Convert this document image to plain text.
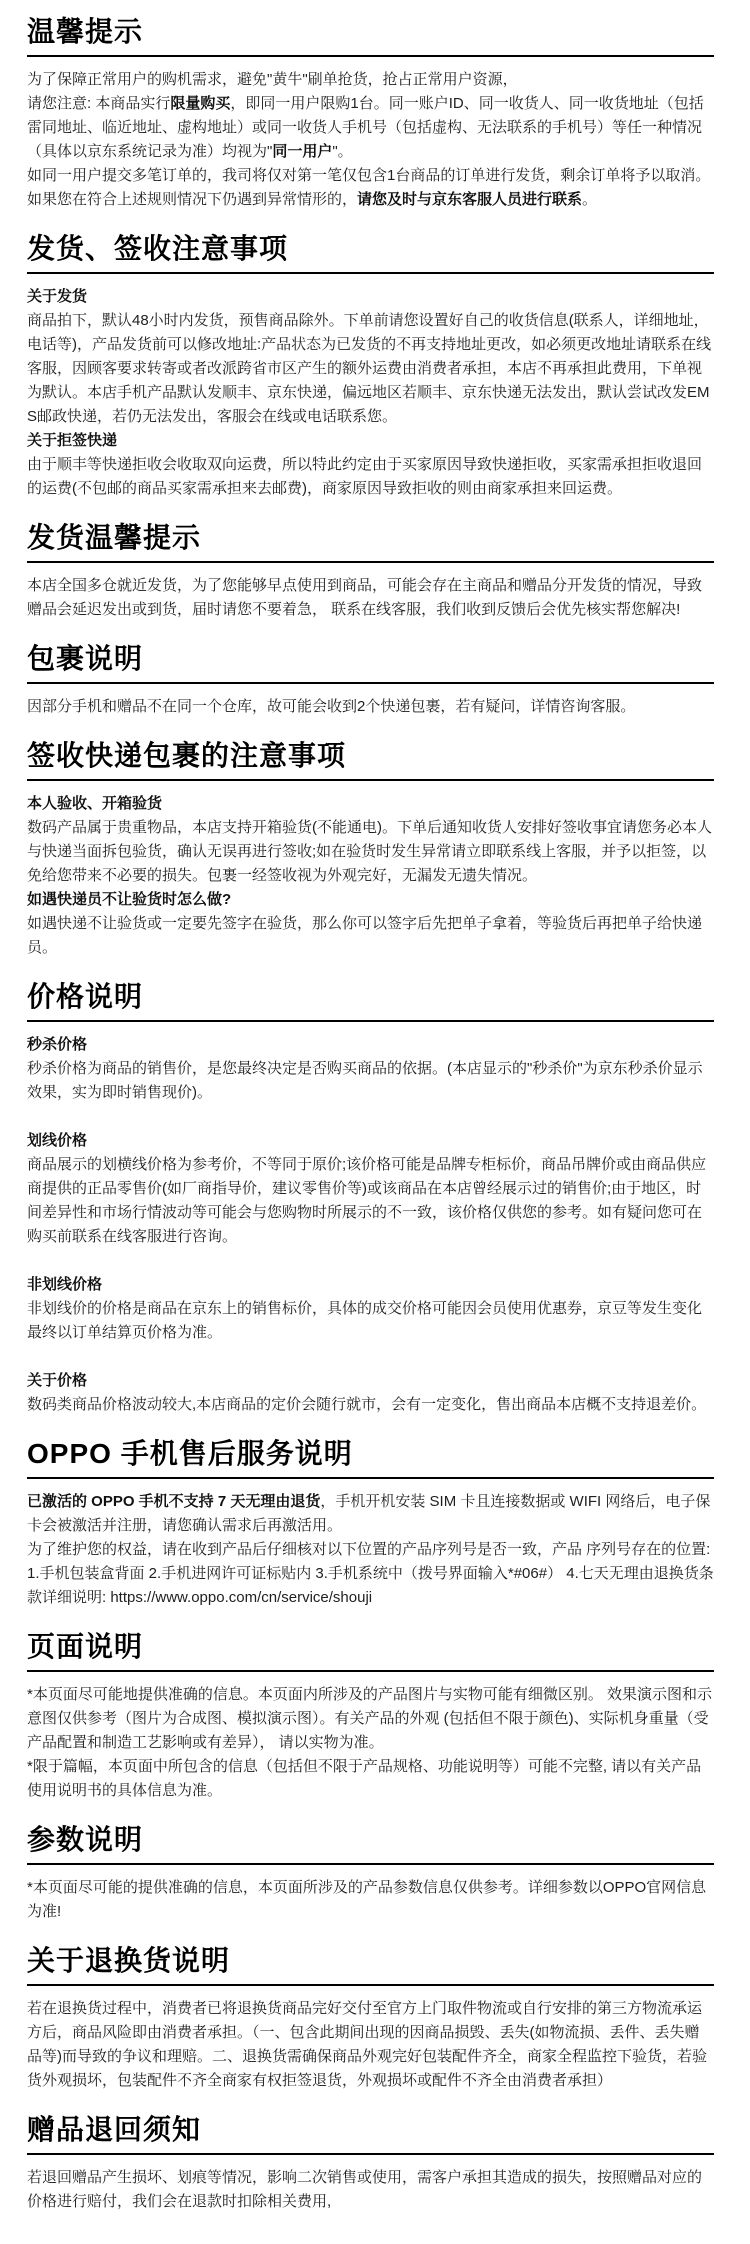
温馨提示

为了保障正常用户的购机需求，避免"黄牛"刷单抢货，抢占正常用户资源，

请您注意: 本商品实行限量购买，即同一用户限购1台。同一账户ID、同一收货人、同一收货地址（包括雷同地址、临近地址、虚构地址）或同一收货人手机号（包括虚构、无法联系的手机号）等任一种情况（具体以京东系统记录为准）均视为"同一用户"。

如同一用户提交多笔订单的，我司将仅对第一笔仅包含1台商品的订单进行发货，剩余订单将予以取消。

如果您在符合上述规则情况下仍遇到异常情形的，请您及时与京东客服人员进行联系。

发货、签收注意事项

关于发货

商品拍下，默认48小时内发货，预售商品除外。下单前请您设置好自己的收货信息(联系人，详细地址，电话等)，产品发货前可以修改地址:产品状态为已发货的不再支持地址更改，如必须更改地址请联系在线客服，因顾客要求转寄或者改派跨省市区产生的额外运费由消费者承担，本店不再承担此费用，下单视为默认。本店手机产品默认发顺丰、京东快递，偏远地区若顺丰、京东快递无法发出，默认尝试改发EMS邮政快递，若仍无法发出，客服会在线或电话联系您。

关于拒签快递

由于顺丰等快递拒收会收取双向运费，所以特此约定由于买家原因导致快递拒收，买家需承担拒收退回的运费(不包邮的商品买家需承担来去邮费)，商家原因导致拒收的则由商家承担来回运费。

发货温馨提示

本店全国多仓就近发货，为了您能够早点使用到商品，可能会存在主商品和赠品分开发货的情况，导致赠品会延迟发出或到货，届时请您不要着急， 联系在线客服，我们收到反馈后会优先核实帮您解决!

包裹说明

因部分手机和赠品不在同一个仓库，故可能会收到2个快递包裹，若有疑问，详情咨询客服。

签收快递包裹的注意事项

本人验收、开箱验货

数码产品属于贵重物品，本店支持开箱验货(不能通电)。下单后通知收货人安排好签收事宜请您务必本人与快递当面拆包验货，确认无误再进行签收;如在验货时发生异常请立即联系线上客服，并予以拒签，以免给您带来不必要的损失。包裹一经签收视为外观完好，无漏发无遗失情况。

如遇快递员不让验货时怎么做?

如遇快递不让验货或一定要先签字在验货，那么你可以签字后先把单子拿着，等验货后再把单子给快递员。

价格说明

秒杀价格

秒杀价格为商品的销售价，是您最终决定是否购买商品的依据。(本店显示的"秒杀价"为京东秒杀价显示效果，实为即时销售现价)。

划线价格

商品展示的划横线价格为参考价，不等同于原价;该价格可能是品牌专柜标价，商品吊牌价或由商品供应商提供的正品零售价(如厂商指导价，建议零售价等)或该商品在本店曾经展示过的销售价;由于地区，时间差异性和市场行情波动等可能会与您购物时所展示的不一致，该价格仅供您的参考。如有疑问您可在购买前联系在线客服进行咨询。

非划线价格

非划线价的价格是商品在京东上的销售标价，具体的成交价格可能因会员使用优惠券，京豆等发生变化最终以订单结算页价格为准。

关于价格

数码类商品价格波动较大,本店商品的定价会随行就市，会有一定变化，售出商品本店概不支持退差价。

OPPO 手机售后服务说明

已激活的 OPPO 手机不支持 7 天无理由退货，手机开机安装 SIM 卡且连接数据或 WIFI 网络后，电子保卡会被激活并注册，请您确认需求后再激活用。

为了维护您的权益，请在收到产品后仔细核对以下位置的产品序列号是否一致，产品 序列号存在的位置:

1.手机包装盒背面 2.手机进网许可证标贴内 3.手机系统中（拨号界面输入*#06#） 4.七天无理由退换货条款详细说明: https://www.oppo.com/cn/service/shouji

页面说明

*本页面尽可能地提供准确的信息。本页面内所涉及的产品图片与实物可能有细微区别。 效果演示图和示意图仅供参考（图片为合成图、模拟演示图）。有关产品的外观 (包括但不限于颜色)、实际机身重量（受产品配置和制造工艺影响或有差异）， 请以实物为准。

*限于篇幅，本页面中所包含的信息（包括但不限于产品规格、功能说明等）可能不完整, 请以有关产品使用说明书的具体信息为准。

参数说明

*本页面尽可能的提供准确的信息，本页面所涉及的产品参数信息仅供参考。详细参数以OPPO官网信息为准!

关于退换货说明

若在退换货过程中，消费者已将退换货商品完好交付至官方上门取件物流或自行安排的第三方物流承运方后，商品风险即由消费者承担。（一、包含此期间出现的因商品损毁、丢失(如物流损、丢件、丢失赠品等)而导致的争议和理赔。二、退换货需确保商品外观完好包装配件齐全，商家全程监控下验货，若验货外观损坏，包装配件不齐全商家有权拒签退货，外观损坏或配件不齐全由消费者承担）

赠品退回须知

若退回赠品产生损坏、划痕等情况，影响二次销售或使用，需客户承担其造成的损失，按照赠品对应的价格进行赔付，我们会在退款时扣除相关费用,
